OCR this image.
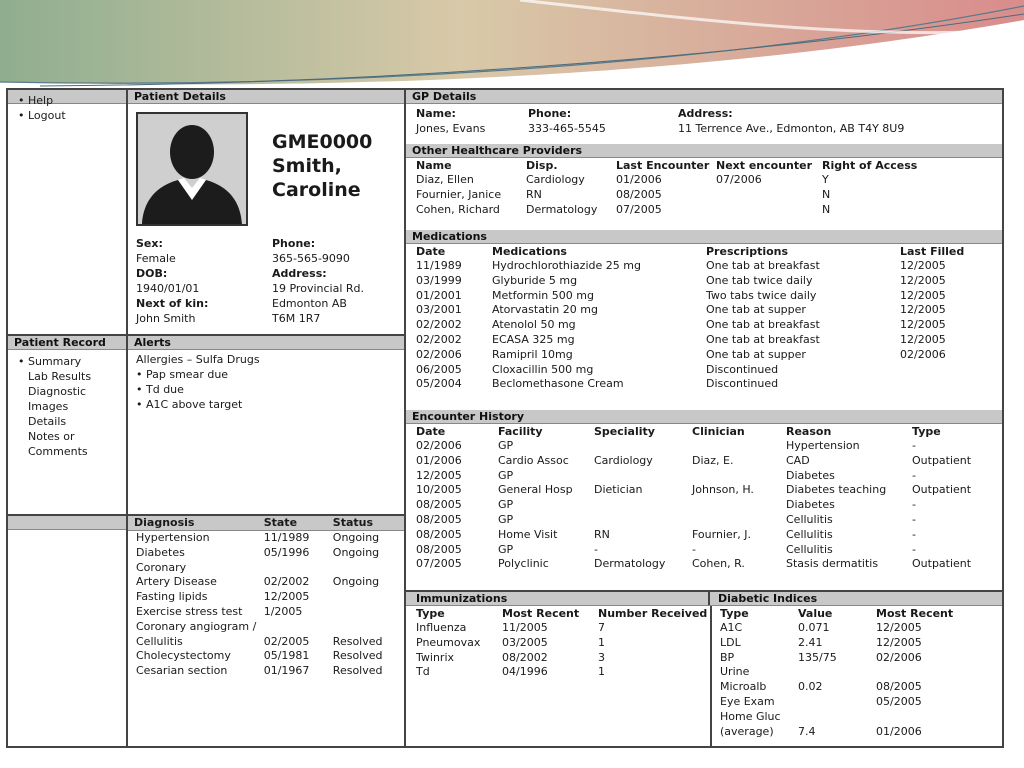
• Help
• Logout
Patient Record
• Summary
Lab Results
Diagnostic
Images
Details
Notes or
Comments
Patient Details
GME0000
Smith,
Caroline
Sex:	Phone:
Female	365-565-9090
DOB:	Address:
1940/01/01	19 Provincial Rd.
Next of kin:	Edmonton AB
John Smith	T6M 1R7
Alerts
Allergies – Sulfa Drugs
• Pap smear due
• Td due
• A1C above target
Diagnosis	State	Status
Hypertension	11/1989	Ongoing
Diabetes	05/1996	Ongoing
Coronary		
Artery Disease	02/2002	Ongoing
Fasting lipids	12/2005	
Exercise stress test	1/2005	
Coronary angiogram /		
Cellulitis	02/2005	Resolved
Cholecystectomy	05/1981	Resolved
Cesarian section	01/1967	Resolved
GP Details
Name:
Jones, Evans
Phone:
333-465-5545
Address:
11 Terrence Ave., Edmonton, AB T4Y 8U9
Other Healthcare Providers
Name	Disp.	Last Encounter	Next encounter	Right of Access
Diaz, Ellen	Cardiology	01/2006	07/2006	Y
Fournier, Janice	RN	08/2005		N
Cohen, Richard	Dermatology	07/2005		N
Medications
Date	Medications	Prescriptions	Last Filled
11/1989	Hydrochlorothiazide 25 mg	One tab at breakfast	12/2005
03/1999	Glyburide 5 mg	One tab twice daily	12/2005
01/2001	Metformin 500 mg	Two tabs twice daily	12/2005
03/2001	Atorvastatin 20 mg	One tab at supper	12/2005
02/2002	Atenolol 50 mg	One tab at breakfast	12/2005
02/2002	ECASA 325 mg	One tab at breakfast	12/2005
02/2006	Ramipril 10mg	One tab at supper	02/2006
06/2005	Cloxacillin 500 mg	Discontinued	
05/2004	Beclomethasone Cream	Discontinued	
Encounter History
Date	Facility	Speciality	Clinician	Reason	Type
02/2006	GP			Hypertension	-
01/2006	Cardio Assoc	Cardiology	Diaz, E.	CAD	Outpatient
12/2005	GP			Diabetes	-
10/2005	General Hosp	Dietician	Johnson, H.	Diabetes teaching	Outpatient
08/2005	GP			Diabetes	-
08/2005	GP			Cellulitis	-
08/2005	Home Visit	RN	Fournier, J.	Cellulitis	-
08/2005	GP	-	-	Cellulitis	-
07/2005	Polyclinic	Dermatology	Cohen, R.	Stasis dermatitis	Outpatient
Immunizations	Diabetic Indices
Type	Most Recent	Number Received
Influenza	11/2005	7
Pneumovax	03/2005	1
Twinrix	08/2002	3
Td	04/1996	1
Type	Value	Most Recent
A1C	0.071	12/2005
LDL	2.41	12/2005
BP	135/75	02/2006
Urine		
Microalb	0.02	08/2005
Eye Exam		05/2005
Home Gluc		
(average)	7.4	01/2006
